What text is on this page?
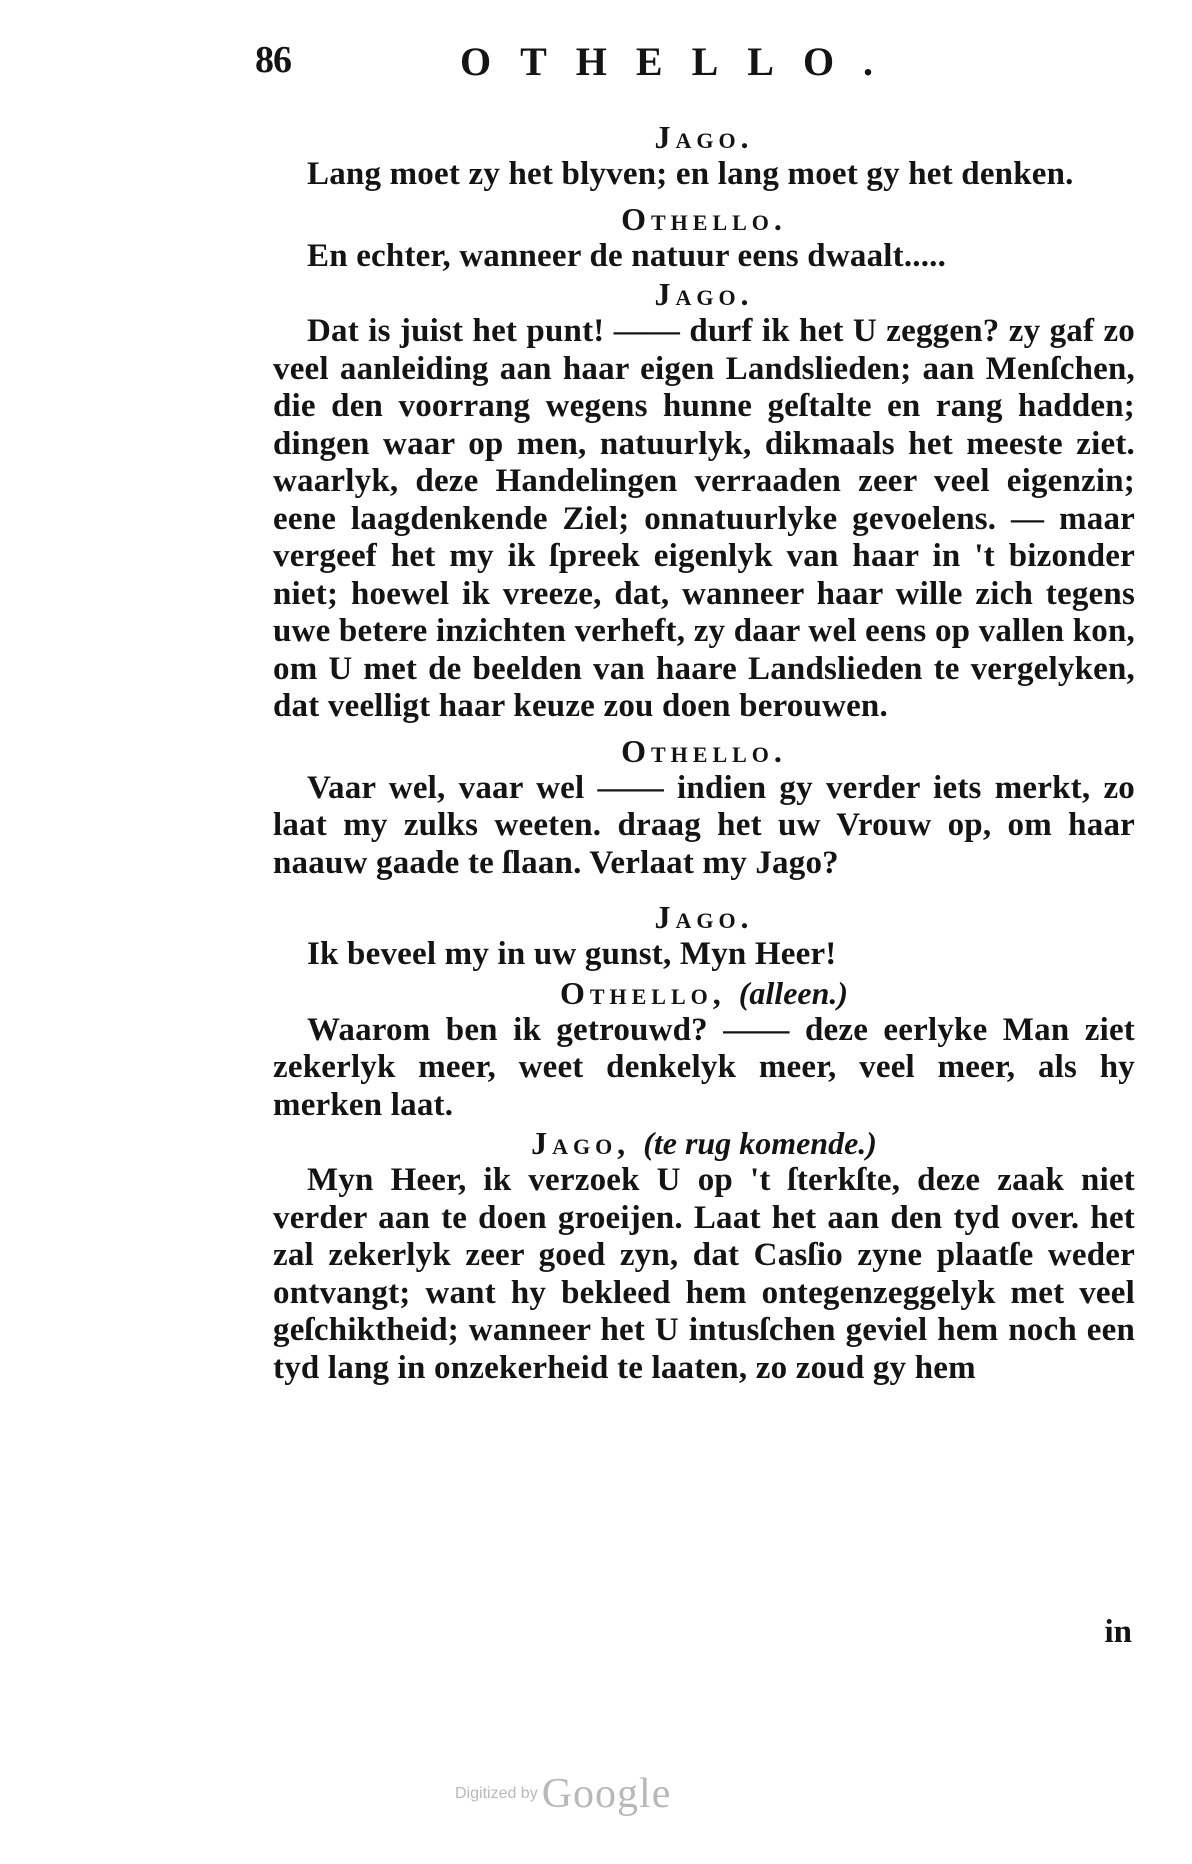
86	OTHELLO.

Jago.

Lang moet zy het blyven; en lang moet gy het denken.

Othello.

En echter, wanneer de natuur eens dwaalt.....

Jago.

Dat is juist het punt! —— durf ik het U zeggen? zy gaf zo veel aanleiding aan haar eigen Landslieden; aan Menſchen, die den voorrang wegens hunne geſtalte en rang hadden; dingen waar op men, natuurlyk, dikmaals het meeste ziet. waarlyk, deze Handelingen verraaden zeer veel eigenzin; eene laagdenkende Ziel; onnatuurlyke gevoelens. — maar vergeef het my ik ſpreek eigenlyk van haar in 't bizonder niet; hoewel ik vreeze, dat, wanneer haar wille zich tegens uwe betere inzichten verheft, zy daar wel eens op vallen kon, om U met de beelden van haare Landslieden te vergelyken, dat veelligt haar keuze zou doen berouwen.

Othello.

Vaar wel, vaar wel —— indien gy verder iets merkt, zo laat my zulks weeten. draag het uw Vrouw op, om haar naauw gaade te ſlaan. Verlaat my Jago?

Jago.

Ik beveel my in uw gunst, Myn Heer!

Othello, (alleen.)

Waarom ben ik getrouwd? —— deze eerlyke Man ziet zekerlyk meer, weet denkelyk meer, veel meer, als hy merken laat.

Jago, (te rug komende.)

Myn Heer, ik verzoek U op 't ſterkſte, deze zaak niet verder aan te doen groeijen. Laat het aan den tyd over. het zal zekerlyk zeer goed zyn, dat Casſio zyne plaatſe weder ontvangt; want hy bekleed hem ontegenzeggelyk met veel geſchiktheid; wanneer het U intusſchen geviel hem noch een tyd lang in onzekerheid te laaten, zo zoud gy hem

in
Digitized by Google
